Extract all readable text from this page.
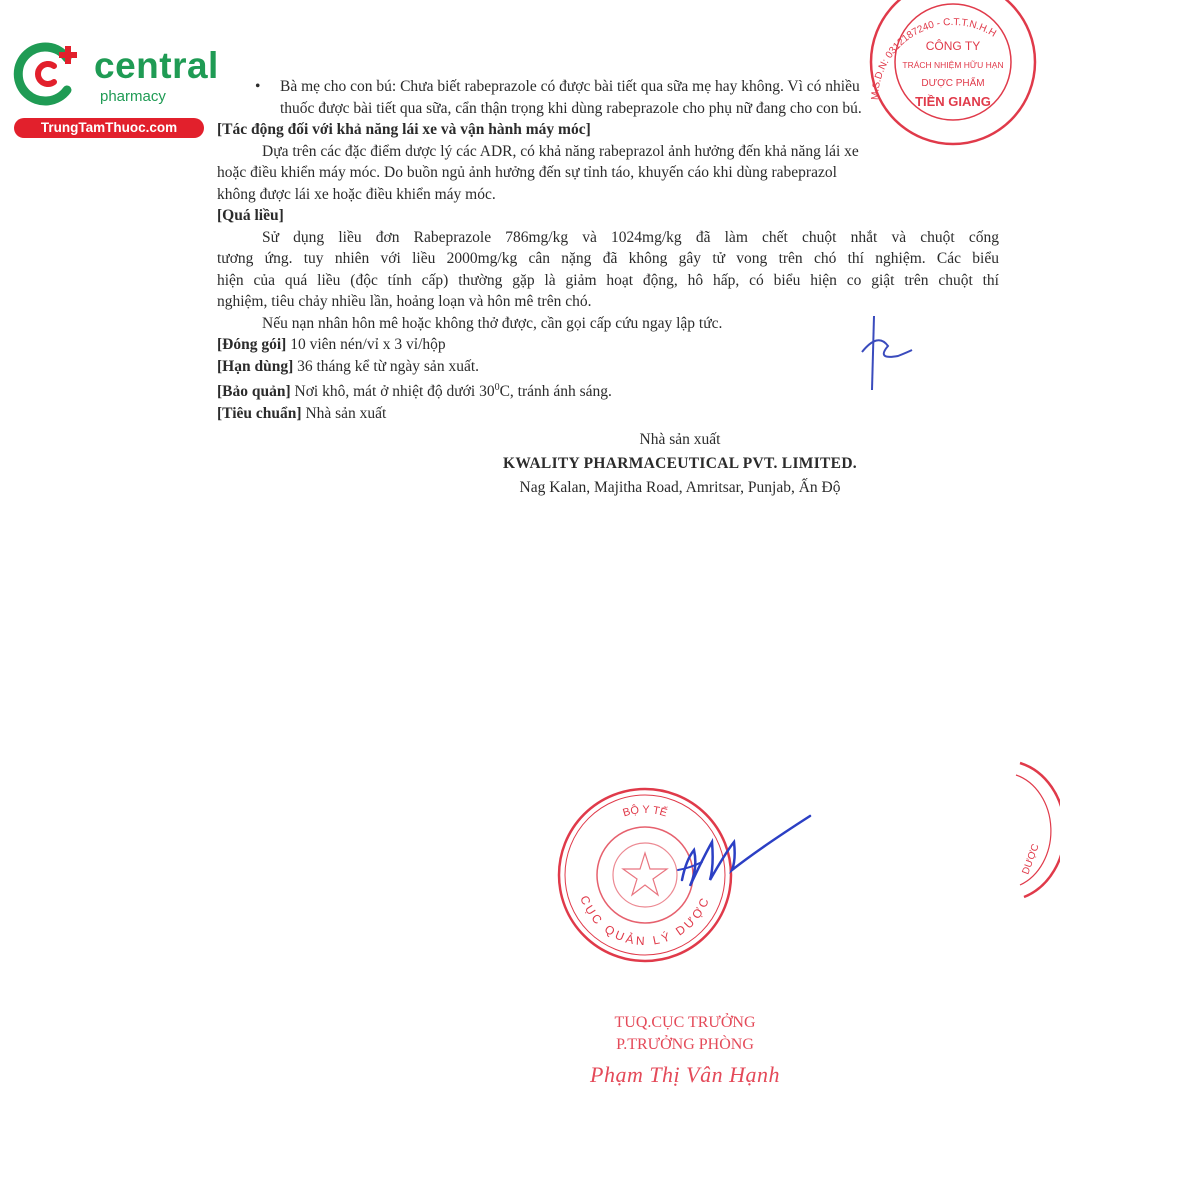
central
pharmacy
TrungTamThuoc.com
• Bà mẹ cho con bú: Chưa biết rabeprazole có được bài tiết qua sữa mẹ hay không. Vì có nhiều
thuốc được bài tiết qua sữa, cẩn thận trọng khi dùng rabeprazole cho phụ nữ đang cho con bú.
[Tác động đối với khả năng lái xe và vận hành máy móc]
Dựa trên các đặc điểm dược lý các ADR, có khả năng rabeprazol ảnh hưởng đến khả năng lái xe
hoặc điều khiển máy móc. Do buồn ngủ ảnh hưởng đến sự tỉnh táo, khuyến cáo khi dùng rabeprazol
không được lái xe hoặc điều khiển máy móc.
[Quá liều]
Sử dụng liều đơn Rabeprazole 786mg/kg và 1024mg/kg đã làm chết chuột nhắt và chuột cống
tương ứng. tuy nhiên với liều 2000mg/kg cân nặng đã không gây tử vong trên chó thí nghiệm. Các biểu
hiện của quá liều (độc tính cấp) thường gặp là giảm hoạt động, hô hấp, có biểu hiện co giật trên chuột thí
nghiệm, tiêu chảy nhiều lần, hoảng loạn và hôn mê trên chó.
Nếu nạn nhân hôn mê hoặc không thở được, cần gọi cấp cứu ngay lập tức.
[Đóng gói] 10 viên nén/vỉ x 3 vỉ/hộp
[Hạn dùng] 36 tháng kể từ ngày sản xuất.
[Bảo quản] Nơi khô, mát ở nhiệt độ dưới $30^0C$, tránh ánh sáng.
[Tiêu chuẩn] Nhà sản xuất
Nhà sản xuất
KWALITY PHARMACEUTICAL PVT. LIMITED.
Nag Kalan, Majitha Road, Amritsar, Punjab, Ấn Độ
M.S.D.N: 0312187240 - C.T.T.N.H.H
CÔNG TY
TRÁCH NHIỆM HỮU HẠN
DƯỢC PHẨM
TIỀN GIANG
BỘ Y TẾ
CỤC QUẢN LÝ DƯỢC
DƯỢC
TUQ.CỤC TRƯỞNG
P.TRƯỞNG PHÒNG
Phạm Thị Vân Hạnh
